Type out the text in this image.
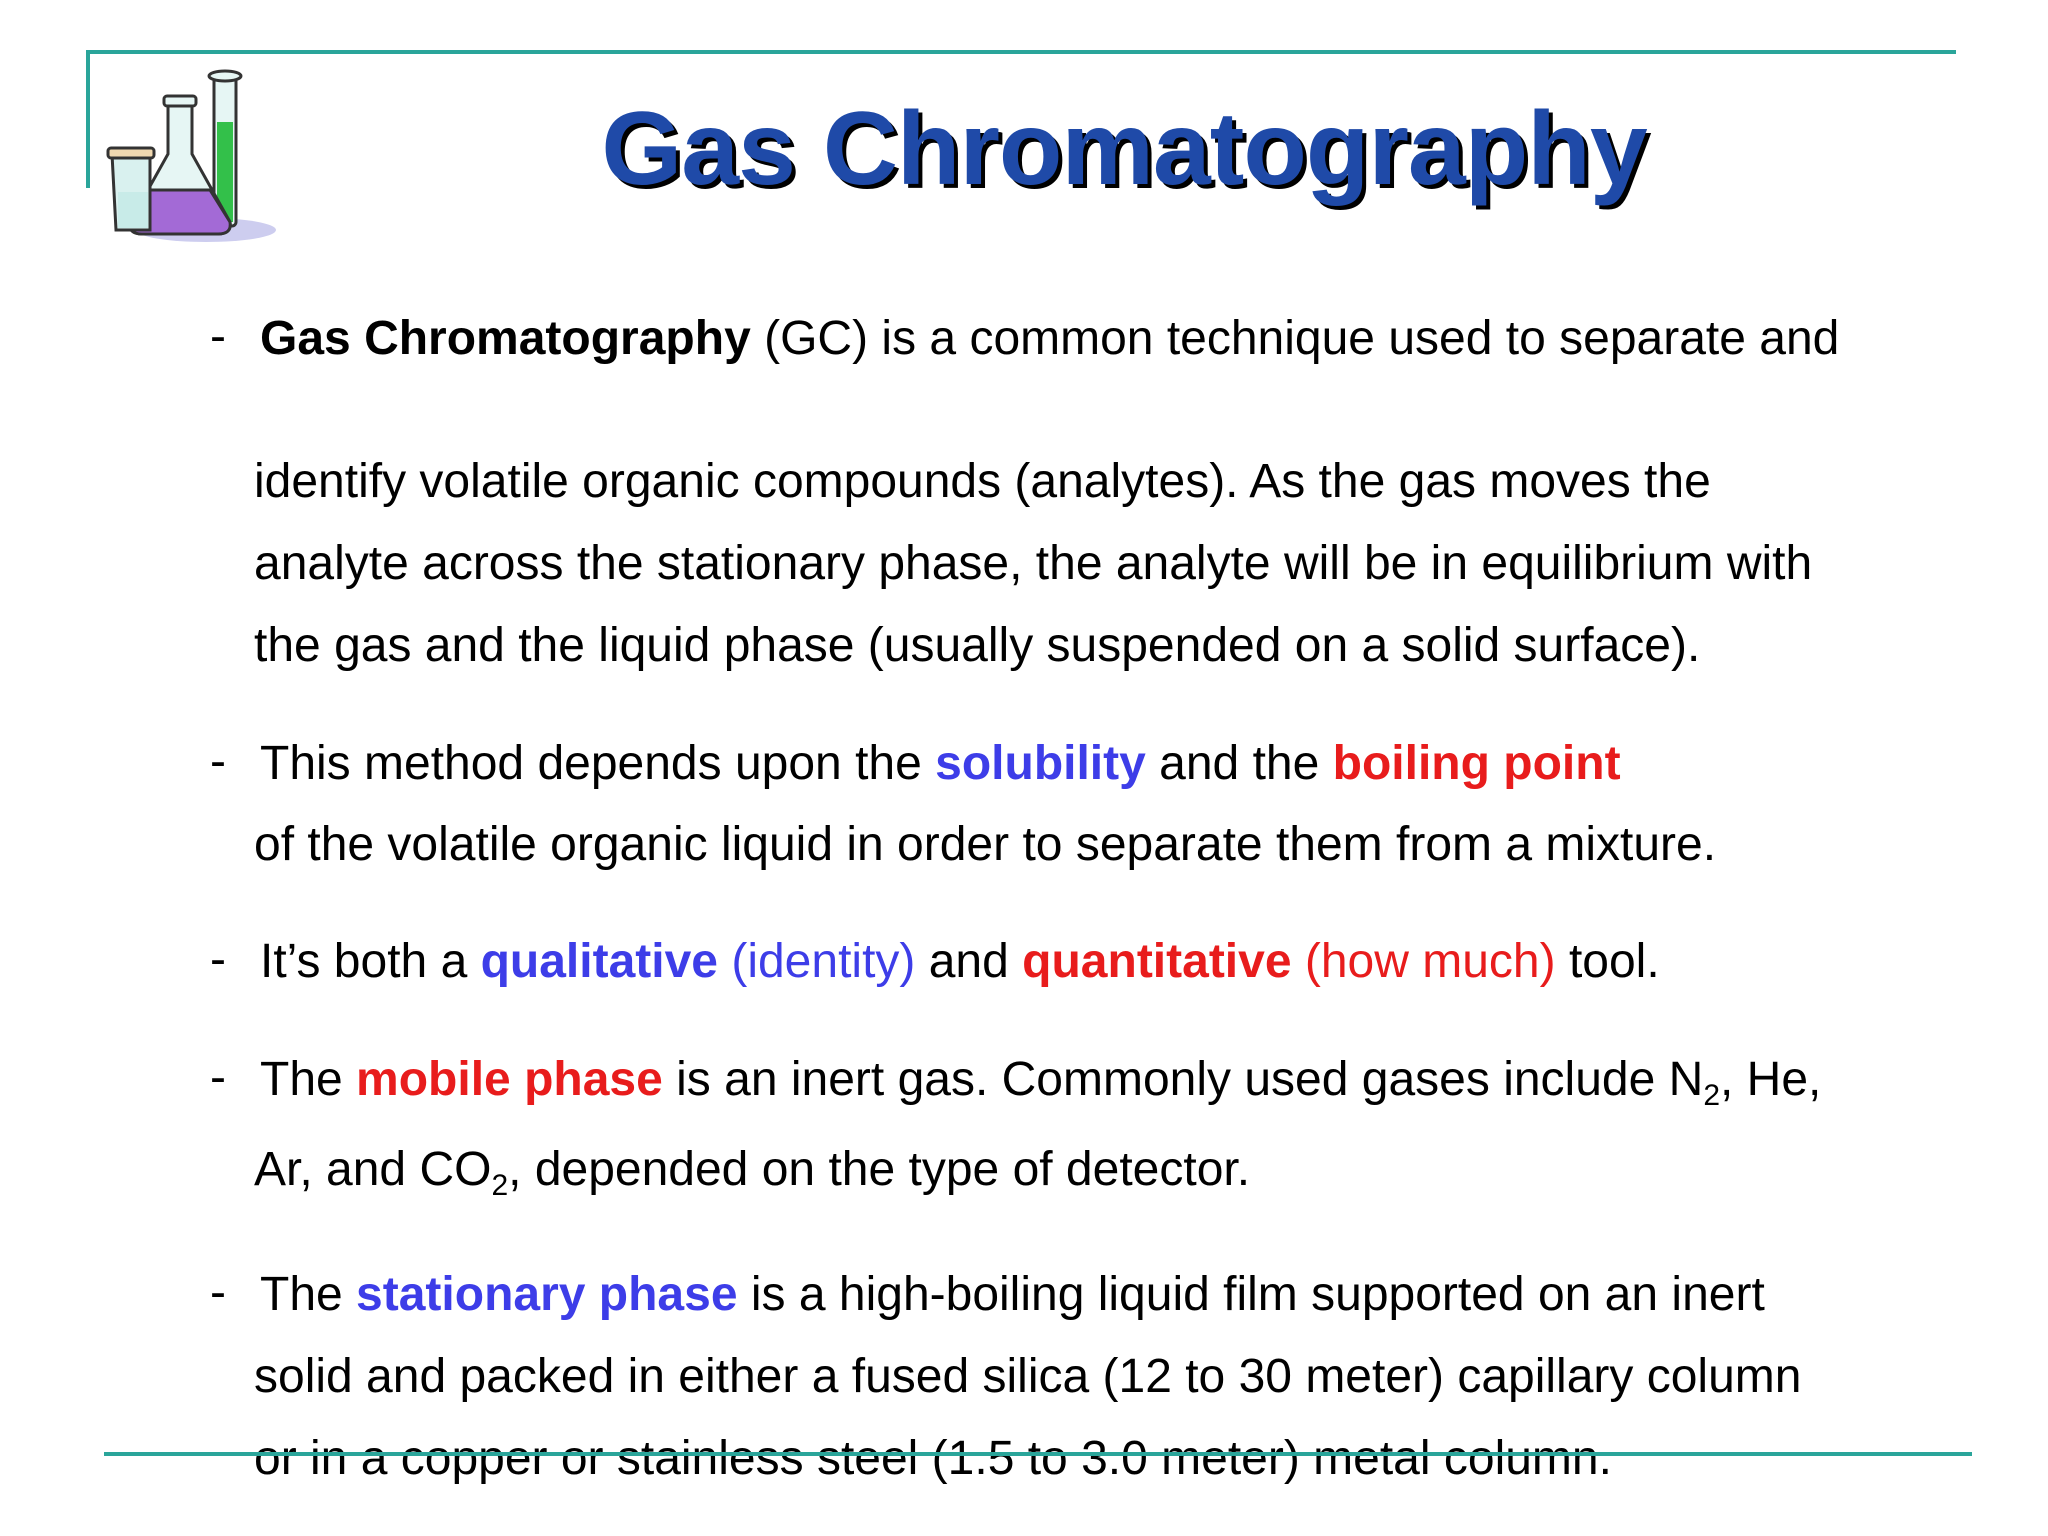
Gas Chromatography
- Gas Chromatography (GC) is a common technique used to separate and
identify volatile organic compounds (analytes). As the gas moves the
analyte across the stationary phase, the analyte will be in equilibrium with
the gas and the liquid phase (usually suspended on a solid surface).
- This method depends upon the solubility and the boiling point
of the volatile organic liquid in order to separate them from a mixture.
- It’s both a qualitative (identity) and quantitative (how much) tool.
- The mobile phase is an inert gas. Commonly used gases include $N_2$, He,
Ar, and $CO_2$, depended on the type of detector.
- The stationary phase is a high-boiling liquid film supported on an inert
solid and packed in either a fused silica (12 to 30 meter) capillary column
or in a copper or stainless steel (1.5 to 3.0 meter) metal column.
